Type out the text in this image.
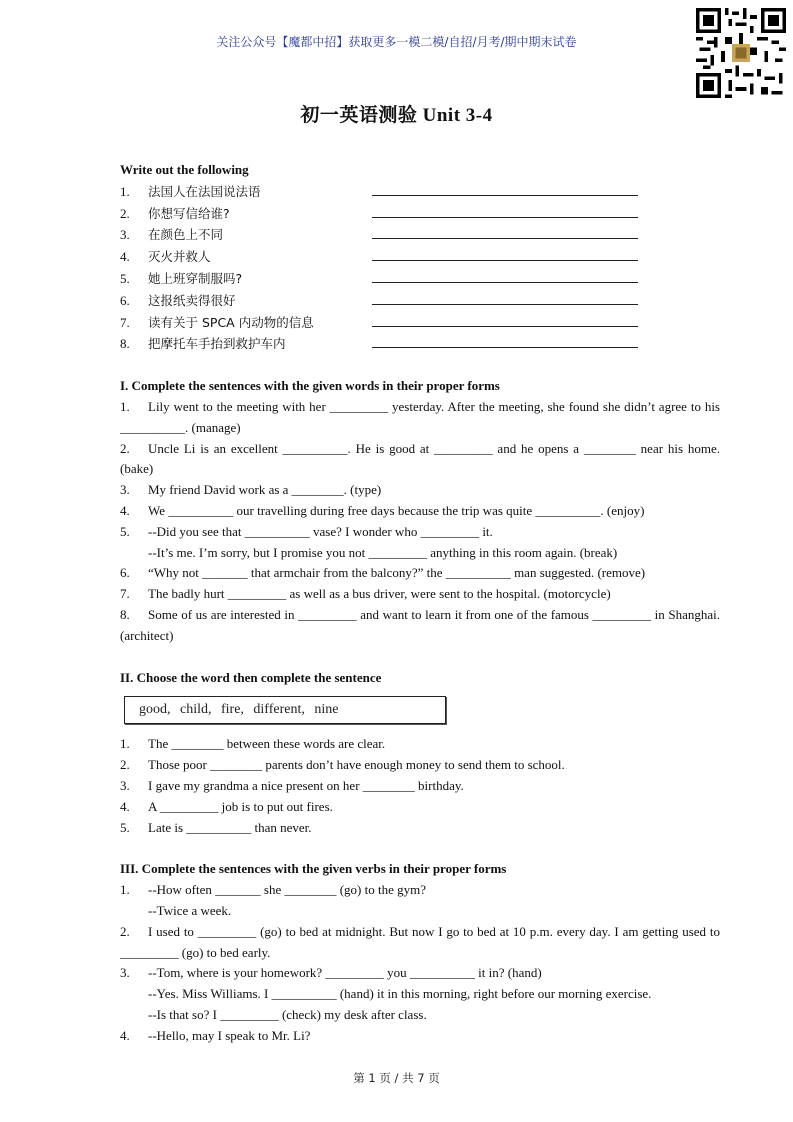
关注公众号【魔都中招】获取更多一模二模/自招/月考/期中期末试卷
初一英语测验 Unit 3-4
Write out the following
1.	法国人在法国说法语
2.	你想写信给谁?
3.	在颜色上不同
4.	灭火并救人
5.	她上班穿制服吗?
6.	这报纸卖得很好
7.	读有关于 SPCA 内动物的信息
8.	把摩托车手抬到救护车内
I. Complete the sentences with the given words in their proper forms
1. Lily went to the meeting with her _________ yesterday. After the meeting, she found she didn’t agree to his __________. (manage)
2. Uncle Li is an excellent __________. He is good at _________ and he opens a ________ near his home. (bake)
3. My friend David work as a ________. (type)
4. We __________ our travelling during free days because the trip was quite __________. (enjoy)
5. --Did you see that __________ vase? I wonder who _________ it.
--It’s me. I’m sorry, but I promise you not _________ anything in this room again. (break)
6. “Why not _______ that armchair from the balcony?” the __________ man suggested. (remove)
7. The badly hurt _________ as well as a bus driver, were sent to the hospital. (motorcycle)
8. Some of us are interested in _________ and want to learn it from one of the famous _________ in Shanghai. (architect)
II. Choose the word then complete the sentence
good, child, fire, different, nine
1. The ________ between these words are clear.
2. Those poor ________ parents don’t have enough money to send them to school.
3. I gave my grandma a nice present on her ________ birthday.
4. A _________ job is to put out fires.
5. Late is __________ than never.
III. Complete the sentences with the given verbs in their proper forms
1. --How often _______ she ________ (go) to the gym?
--Twice a week.
2. I used to _________ (go) to bed at midnight. But now I go to bed at 10 p.m. every day. I am getting used to _________ (go) to bed early.
3. --Tom, where is your homework? _________ you __________ it in? (hand)
--Yes. Miss Williams. I __________ (hand) it in this morning, right before our morning exercise.
--Is that so? I _________ (check) my desk after class.
4. --Hello, may I speak to Mr. Li?
第 1 页 / 共 7 页
